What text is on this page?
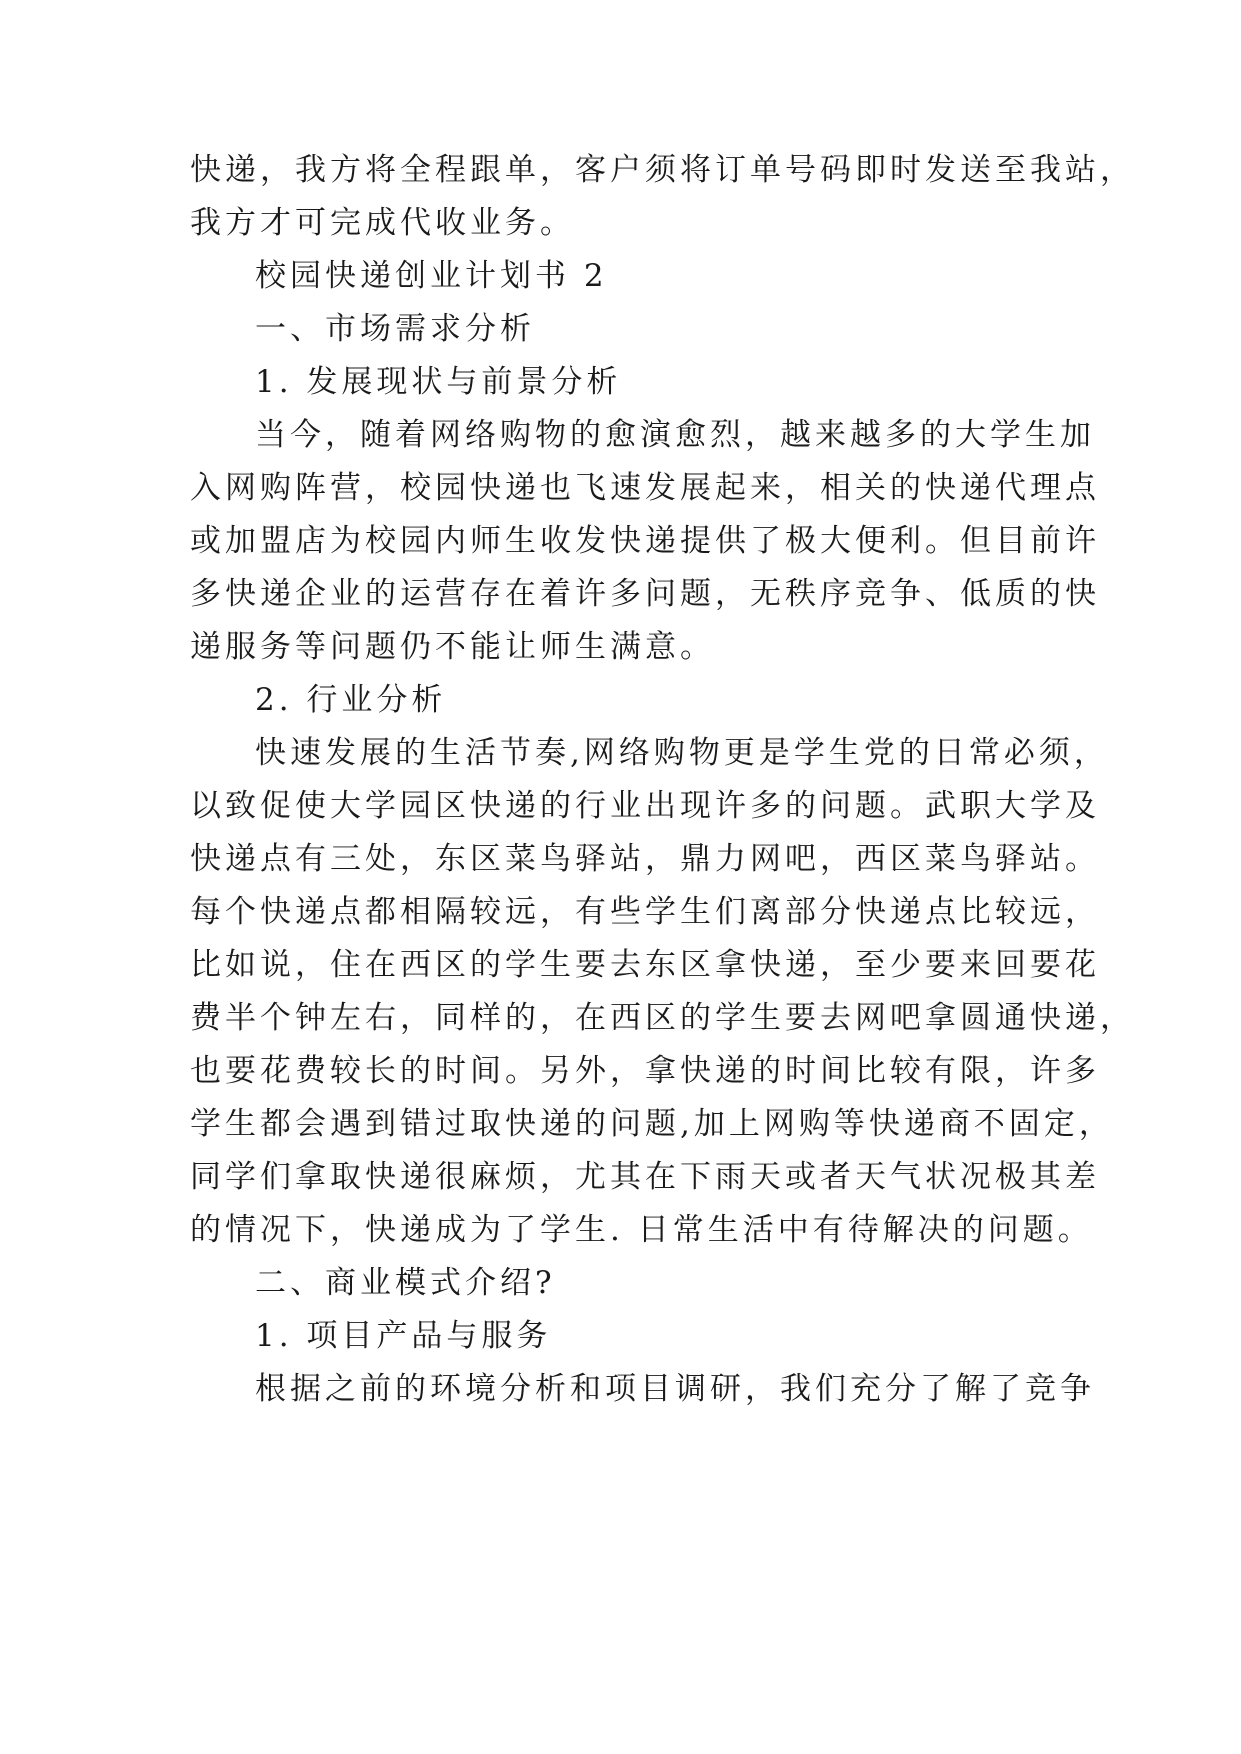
快递，我方将全程跟单，客户须将订单号码即时发送至我站，
我方才可完成代收业务。
校园快递创业计划书 2
一、市场需求分析
1. 发展现状与前景分析
当今，随着网络购物的愈演愈烈，越来越多的大学生加
入网购阵营，校园快递也飞速发展起来，相关的快递代理点
或加盟店为校园内师生收发快递提供了极大便利。但目前许
多快递企业的运营存在着许多问题，无秩序竞争、低质的快
递服务等问题仍不能让师生满意。
2. 行业分析
快速发展的生活节奏,网络购物更是学生党的日常必须，
以致促使大学园区快递的行业出现许多的问题。武职大学及
快递点有三处，东区菜鸟驿站，鼎力网吧，西区菜鸟驿站。
每个快递点都相隔较远，有些学生们离部分快递点比较远，
比如说，住在西区的学生要去东区拿快递，至少要来回要花
费半个钟左右，同样的，在西区的学生要去网吧拿圆通快递，
也要花费较长的时间。另外，拿快递的时间比较有限，许多
学生都会遇到错过取快递的问题,加上网购等快递商不固定，
同学们拿取快递很麻烦，尤其在下雨天或者天气状况极其差
的情况下，快递成为了学生. 日常生活中有待解决的问题。
二、商业模式介绍?
1. 项目产品与服务
根据之前的环境分析和项目调研，我们充分了解了竞争
